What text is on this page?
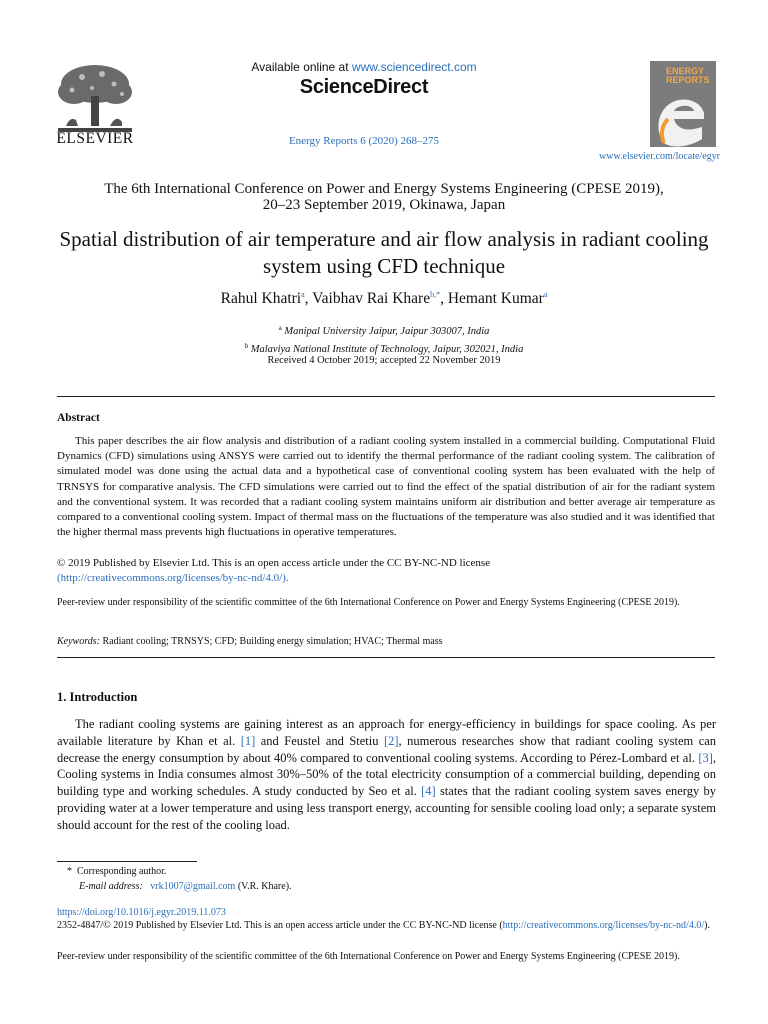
ELSEVIER
Available online at www.sciencedirect.com
ScienceDirect
Energy Reports 6 (2020) 268–275
ENERGY
REPORTS
www.elsevier.com/locate/egyr
The 6th International Conference on Power and Energy Systems Engineering (CPESE 2019),
20–23 September 2019, Okinawa, Japan
Spatial distribution of air temperature and air flow analysis in radiant cooling system using CFD technique
Rahul Khatri$^a$, Vaibhav Rai Khare$^{b,*}$, Hemant Kumar$^a$
$^a$ Manipal University Jaipur, Jaipur 303007, India
$^b$ Malaviya National Institute of Technology, Jaipur, 302021, India
Received 4 October 2019; accepted 22 November 2019
Abstract
This paper describes the air flow analysis and distribution of a radiant cooling system installed in a commercial building. Computational Fluid Dynamics (CFD) simulations using ANSYS were carried out to identify the thermal performance of the radiant cooling system. The calibration of simulated model was done using the actual data and a hypothetical case of conventional cooling system has been evaluated with the help of TRNSYS for comparative analysis. The CFD simulations were carried out to find the effect of the spatial distribution of air for the radiant system and the conventional system. It was recorded that a radiant cooling system maintains uniform air distribution and better average air temperature as compared to a conventional cooling system. Impact of thermal mass on the fluctuations of the temperature was also studied and it was identified that the higher thermal mass prevents high fluctuations in operative temperatures.
© 2019 Published by Elsevier Ltd. This is an open access article under the CC BY-NC-ND license
(http://creativecommons.org/licenses/by-nc-nd/4.0/).
Peer-review under responsibility of the scientific committee of the 6th International Conference on Power and Energy Systems Engineering (CPESE 2019).
Keywords: Radiant cooling; TRNSYS; CFD; Building energy simulation; HVAC; Thermal mass
1. Introduction
The radiant cooling systems are gaining interest as an approach for energy-efficiency in buildings for space cooling. As per available literature by Khan et al. [1] and Feustel and Stetiu [2], numerous researches show that radiant cooling system can decrease the energy consumption by about 40% compared to conventional cooling systems. According to Pérez-Lombard et al. [3], Cooling systems in India consumes almost 30%–50% of the total electricity consumption of a commercial building, depending on building type and working schedules. A study conducted by Seo et al. [4] states that the radiant cooling system saves energy by providing water at a lower temperature and using less transport energy, accounting for sensible cooling load only; a separate system should account for the rest of the cooling load.
* Corresponding author.
E-mail address: vrk1007@gmail.com (V.R. Khare).
https://doi.org/10.1016/j.egyr.2019.11.073
2352-4847/© 2019 Published by Elsevier Ltd. This is an open access article under the CC BY-NC-ND license (http://creativecommons.org/licenses/by-nc-nd/4.0/).
Peer-review under responsibility of the scientific committee of the 6th International Conference on Power and Energy Systems Engineering (CPESE 2019).
